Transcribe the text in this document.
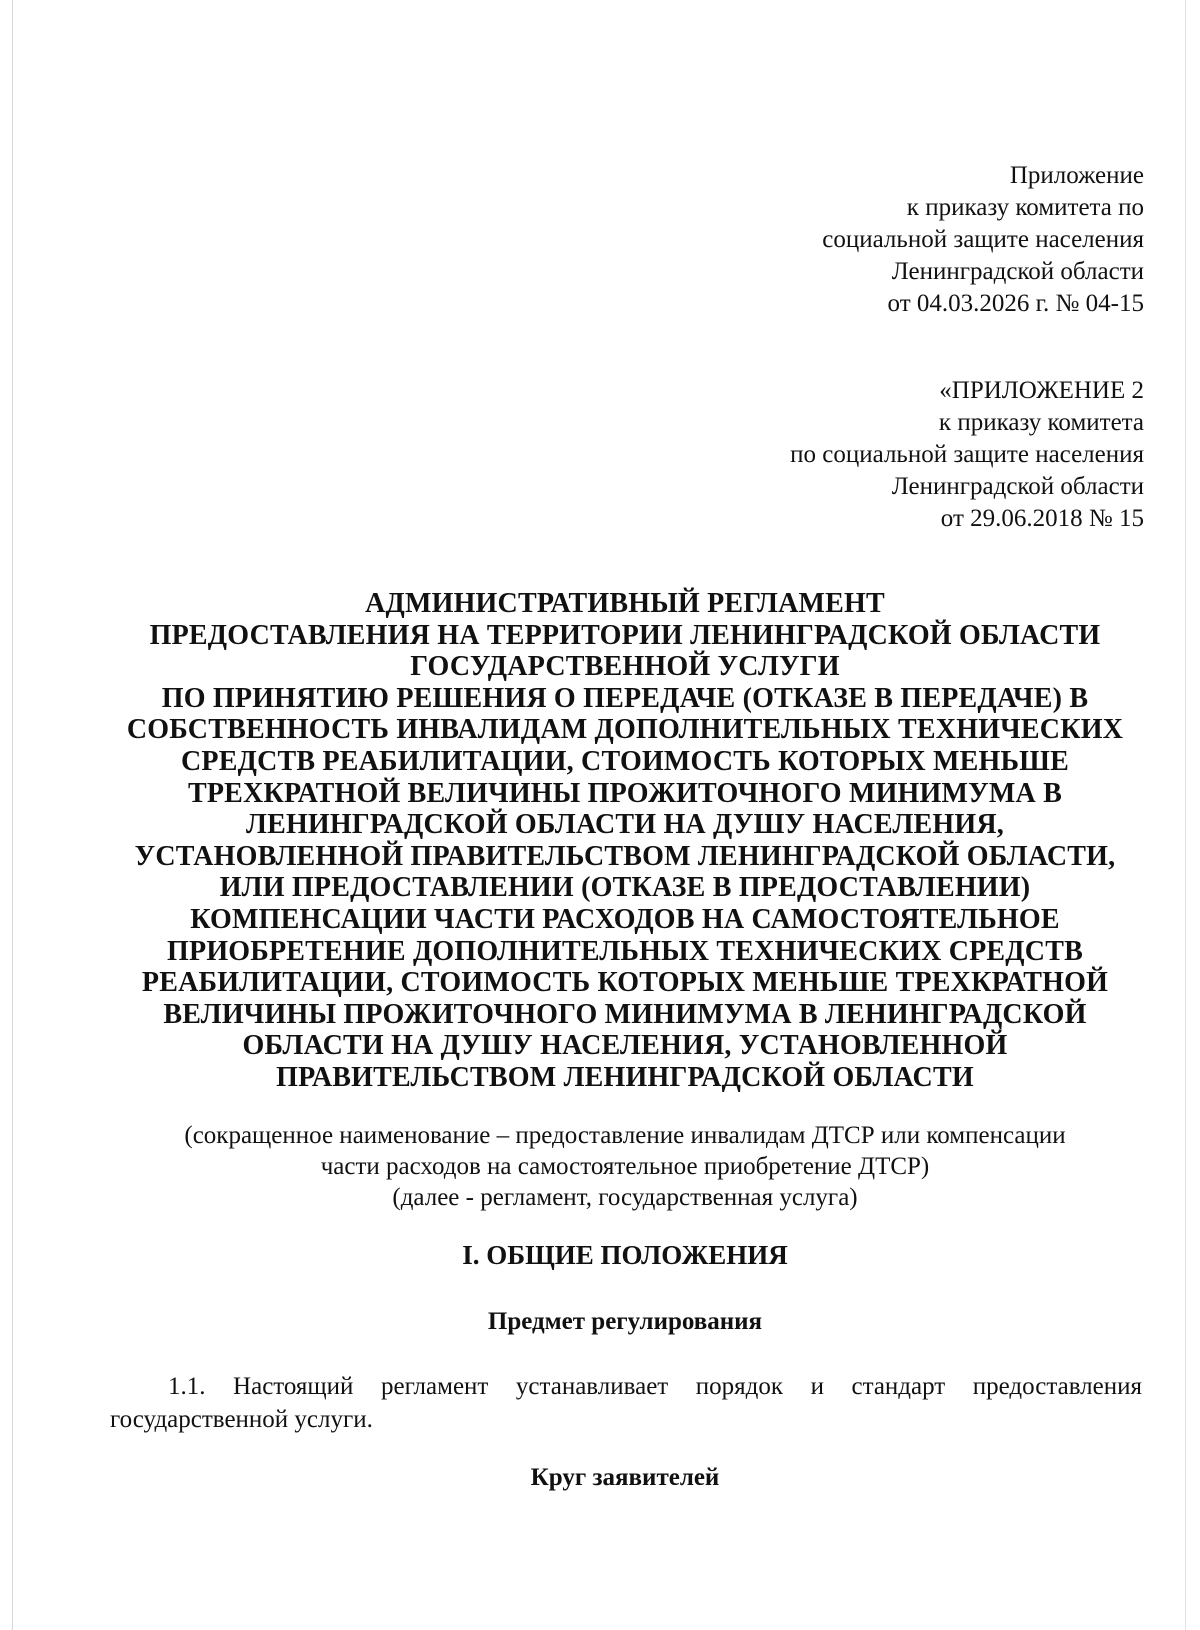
Приложение
к приказу комитета по
социальной защите населения
Ленинградской области
от 04.03.2026 г. № 04-15
«ПРИЛОЖЕНИЕ 2
к приказу комитета
по социальной защите населения
Ленинградской области
от 29.06.2018 № 15
АДМИНИСТРАТИВНЫЙ РЕГЛАМЕНТ
ПРЕДОСТАВЛЕНИЯ НА ТЕРРИТОРИИ ЛЕНИНГРАДСКОЙ ОБЛАСТИ
ГОСУДАРСТВЕННОЙ УСЛУГИ
ПО ПРИНЯТИЮ РЕШЕНИЯ О ПЕРЕДАЧЕ (ОТКАЗЕ В ПЕРЕДАЧЕ) В
СОБСТВЕННОСТЬ ИНВАЛИДАМ ДОПОЛНИТЕЛЬНЫХ ТЕХНИЧЕСКИХ
СРЕДСТВ РЕАБИЛИТАЦИИ, СТОИМОСТЬ КОТОРЫХ МЕНЬШЕ
ТРЕХКРАТНОЙ ВЕЛИЧИНЫ ПРОЖИТОЧНОГО МИНИМУМА В
ЛЕНИНГРАДСКОЙ ОБЛАСТИ НА ДУШУ НАСЕЛЕНИЯ,
УСТАНОВЛЕННОЙ ПРАВИТЕЛЬСТВОМ ЛЕНИНГРАДСКОЙ ОБЛАСТИ,
ИЛИ ПРЕДОСТАВЛЕНИИ (ОТКАЗЕ В ПРЕДОСТАВЛЕНИИ)
КОМПЕНСАЦИИ ЧАСТИ РАСХОДОВ НА САМОСТОЯТЕЛЬНОЕ
ПРИОБРЕТЕНИЕ ДОПОЛНИТЕЛЬНЫХ ТЕХНИЧЕСКИХ СРЕДСТВ
РЕАБИЛИТАЦИИ, СТОИМОСТЬ КОТОРЫХ МЕНЬШЕ ТРЕХКРАТНОЙ
ВЕЛИЧИНЫ ПРОЖИТОЧНОГО МИНИМУМА В ЛЕНИНГРАДСКОЙ
ОБЛАСТИ НА ДУШУ НАСЕЛЕНИЯ, УСТАНОВЛЕННОЙ
ПРАВИТЕЛЬСТВОМ ЛЕНИНГРАДСКОЙ ОБЛАСТИ
(сокращенное наименование – предоставление инвалидам ДТСР или компенсации
части расходов на самостоятельное приобретение ДТСР)
(далее - регламент, государственная услуга)
I. ОБЩИЕ ПОЛОЖЕНИЯ
Предмет регулирования
1.1. Настоящий регламент устанавливает порядок и стандарт предоставления
государственной услуги.
Круг заявителей
